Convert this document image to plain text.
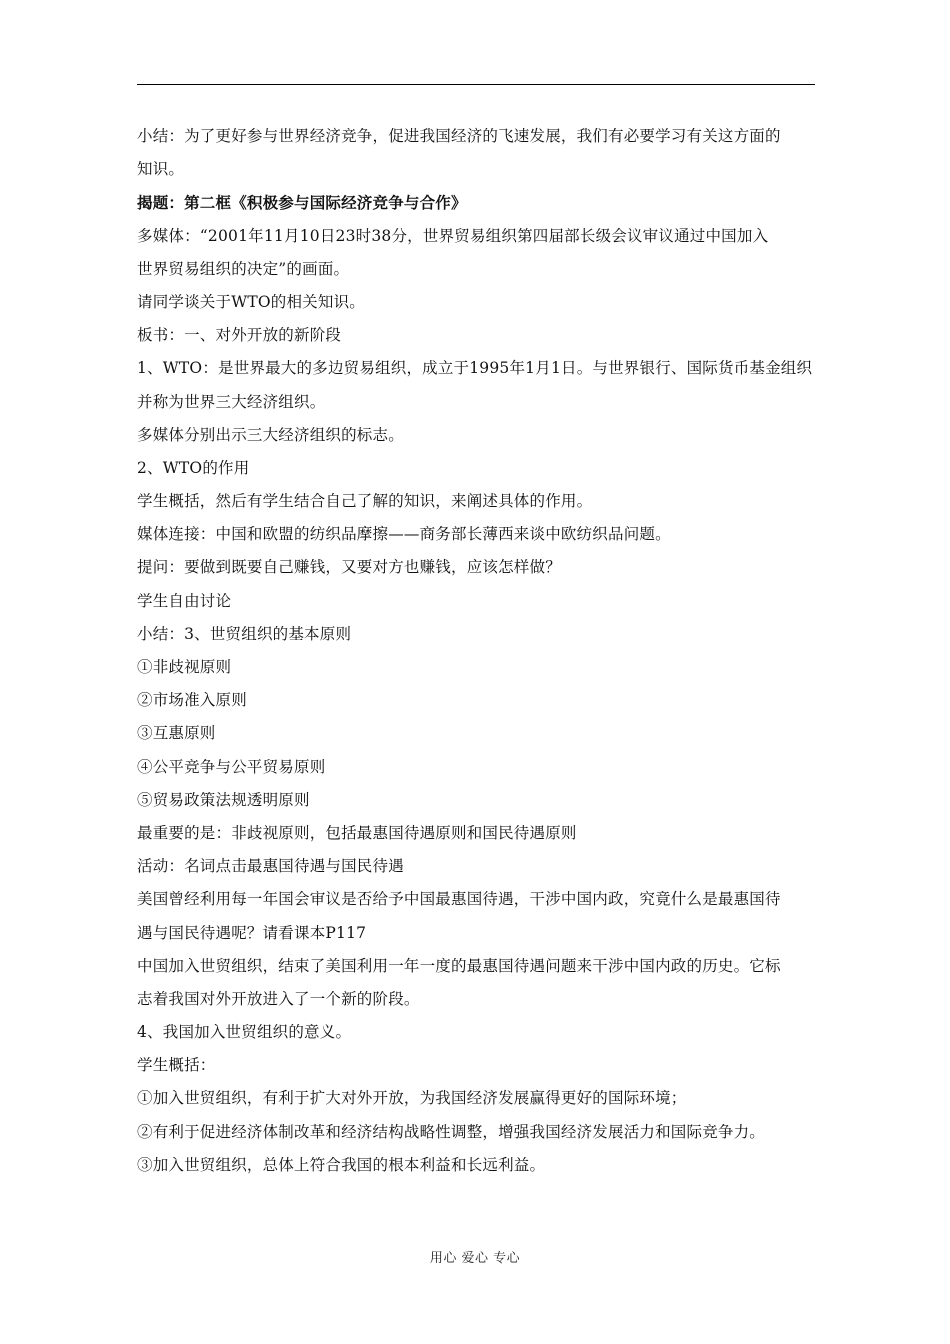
小结：为了更好参与世界经济竞争，促进我国经济的飞速发展，我们有必要学习有关这方面的
知识。
揭题：第二框《积极参与国际经济竞争与合作》
多媒体：“2001年11月10日23时38分，世界贸易组织第四届部长级会议审议通过中国加入
世界贸易组织的决定”的画面。
请同学谈关于WTO的相关知识。
板书：一、对外开放的新阶段
1、WTO：是世界最大的多边贸易组织，成立于1995年1月1日。与世界银行、国际货币基金组织
并称为世界三大经济组织。
多媒体分别出示三大经济组织的标志。
2、WTO的作用
学生概括，然后有学生结合自己了解的知识，来阐述具体的作用。
媒体连接：中国和欧盟的纺织品摩擦——商务部长薄西来谈中欧纺织品问题。
提问：要做到既要自己赚钱，又要对方也赚钱，应该怎样做？
学生自由讨论
小结：3、世贸组织的基本原则
①非歧视原则
②市场准入原则
③互惠原则
④公平竞争与公平贸易原则
⑤贸易政策法规透明原则
最重要的是：非歧视原则，包括最惠国待遇原则和国民待遇原则
活动：名词点击最惠国待遇与国民待遇
美国曾经利用每一年国会审议是否给予中国最惠国待遇，干涉中国内政，究竟什么是最惠国待
遇与国民待遇呢？请看课本P117
中国加入世贸组织，结束了美国利用一年一度的最惠国待遇问题来干涉中国内政的历史。它标
志着我国对外开放进入了一个新的阶段。
4、我国加入世贸组织的意义。
学生概括：
①加入世贸组织，有利于扩大对外开放，为我国经济发展赢得更好的国际环境；
②有利于促进经济体制改革和经济结构战略性调整，增强我国经济发展活力和国际竞争力。
③加入世贸组织，总体上符合我国的根本利益和长远利益。
用心 爱心 专心
